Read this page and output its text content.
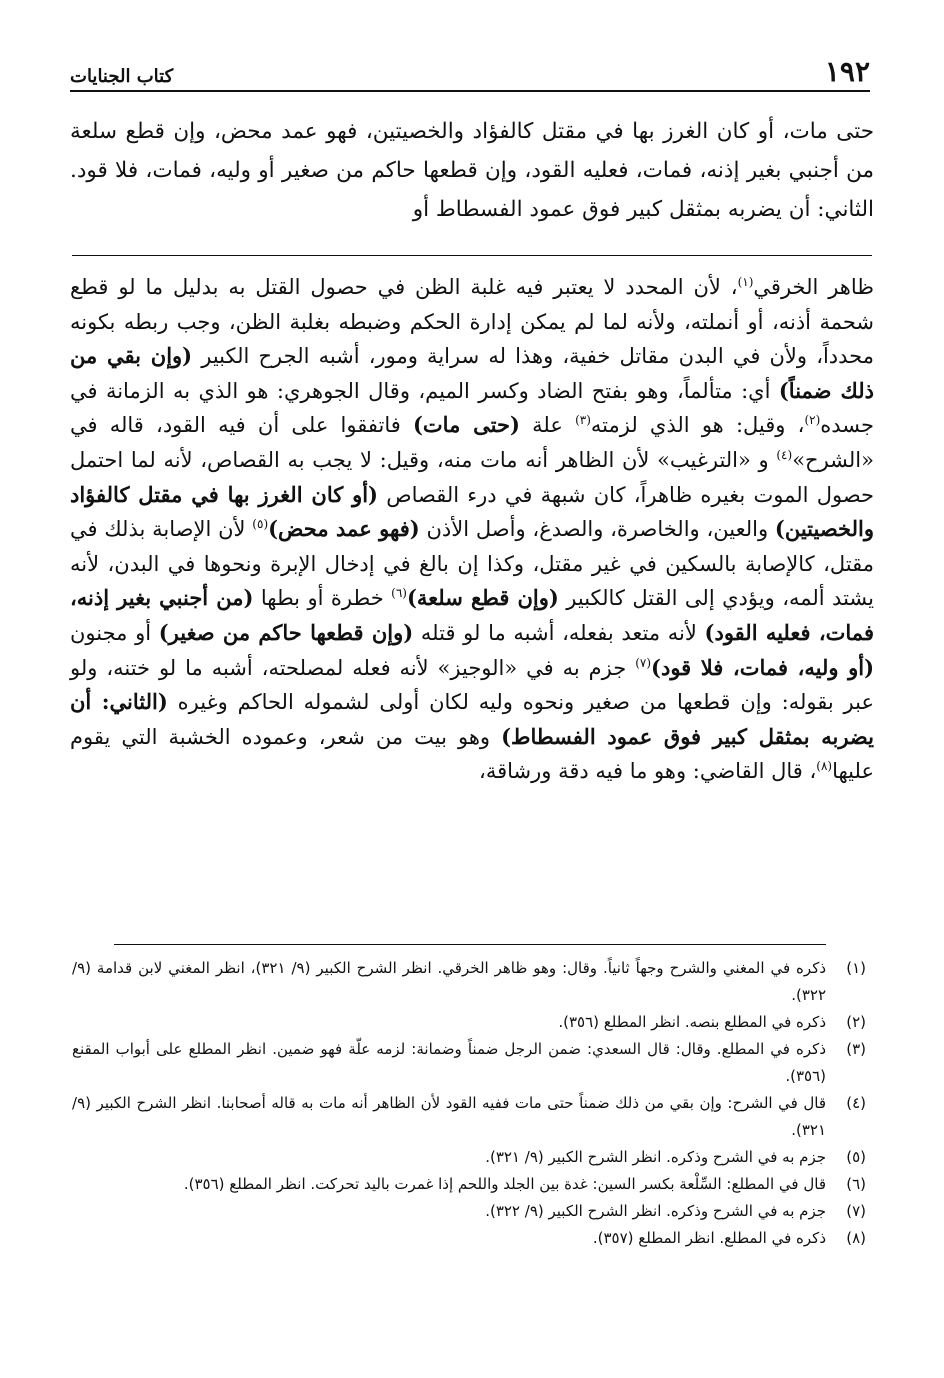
١٩٢
كتاب الجنايات

حتى مات، أو كان الغرز بها في مقتل كالفؤاد والخصيتين، فهو عمد محض، وإن قطع سلعة من أجنبي بغير إذنه، فمات، فعليه القود، وإن قطعها حاكم من صغير أو وليه، فمات، فلا قود. الثاني: أن يضربه بمثقل كبير فوق عمود الفسطاط أو

ظاهر الخرقي$^{(١)}$، لأن المحدد لا يعتبر فيه غلبة الظن في حصول القتل به بدليل ما لو قطع شحمة أذنه، أو أنملته، ولأنه لما لم يمكن إدارة الحكم وضبطه بغلبة الظن، وجب ربطه بكونه محدداً، ولأن في البدن مقاتل خفية، وهذا له سراية ومور، أشبه الجرح الكبير (وإن بقي من ذلك ضمناً) أي: متألماً، وهو بفتح الضاد وكسر الميم، وقال الجوهري: هو الذي به الزمانة في جسده$^{(٢)}$، وقيل: هو الذي لزمته$^{(٣)}$ علة (حتى مات) فاتفقوا على أن فيه القود، قاله في «الشرح»$^{(٤)}$ و «الترغيب» لأن الظاهر أنه مات منه، وقيل: لا يجب به القصاص، لأنه لما احتمل حصول الموت بغيره ظاهراً، كان شبهة في درء القصاص (أو كان الغرز بها في مقتل كالفؤاد والخصيتين) والعين، والخاصرة، والصدغ، وأصل الأذن (فهو عمد محض)$^{(٥)}$ لأن الإصابة بذلك في مقتل، كالإصابة بالسكين في غير مقتل، وكذا إن بالغ في إدخال الإبرة ونحوها في البدن، لأنه يشتد ألمه، ويؤدي إلى القتل كالكبير (وإن قطع سلعة)$^{(٦)}$ خطرة أو بطها (من أجنبي بغير إذنه، فمات، فعليه القود) لأنه متعد بفعله، أشبه ما لو قتله (وإن قطعها حاكم من صغير) أو مجنون (أو وليه، فمات، فلا قود)$^{(٧)}$ جزم به في «الوجيز» لأنه فعله لمصلحته، أشبه ما لو ختنه، ولو عبر بقوله: وإن قطعها من صغير ونحوه وليه لكان أولى لشموله الحاكم وغيره (الثاني: أن يضربه بمثقل كبير فوق عمود الفسطاط) وهو بيت من شعر، وعموده الخشبة التي يقوم عليها$^{(٨)}$، قال القاضي: وهو ما فيه دقة ورشاقة،

(١)
ذكره في المغني والشرح وجهاً ثانياً. وقال: وهو ظاهر الخرقي. انظر الشرح الكبير (٩/ ٣٢١)، انظر المغني لابن قدامة (٩/ ٣٢٢).
(٢)
ذكره في المطلع بنصه. انظر المطلع (٣٥٦).
(٣)
ذكره في المطلع. وقال: قال السعدي: ضمن الرجل ضمناً وضمانة: لزمه علّة فهو ضمين. انظر المطلع على أبواب المقنع (٣٥٦).
(٤)
قال في الشرح: وإن بقي من ذلك ضمناً حتى مات ففيه القود لأن الظاهر أنه مات به قاله أصحابنا. انظر الشرح الكبير (٩/ ٣٢١).
(٥)
جزم به في الشرح وذكره. انظر الشرح الكبير (٩/ ٣٢١).
(٦)
قال في المطلع: السِّلْعة بكسر السين: غدة بين الجلد واللحم إذا غمرت باليد تحركت. انظر المطلع (٣٥٦).
(٧)
جزم به في الشرح وذكره. انظر الشرح الكبير (٩/ ٣٢٢).
(٨)
ذكره في المطلع. انظر المطلع (٣٥٧).
